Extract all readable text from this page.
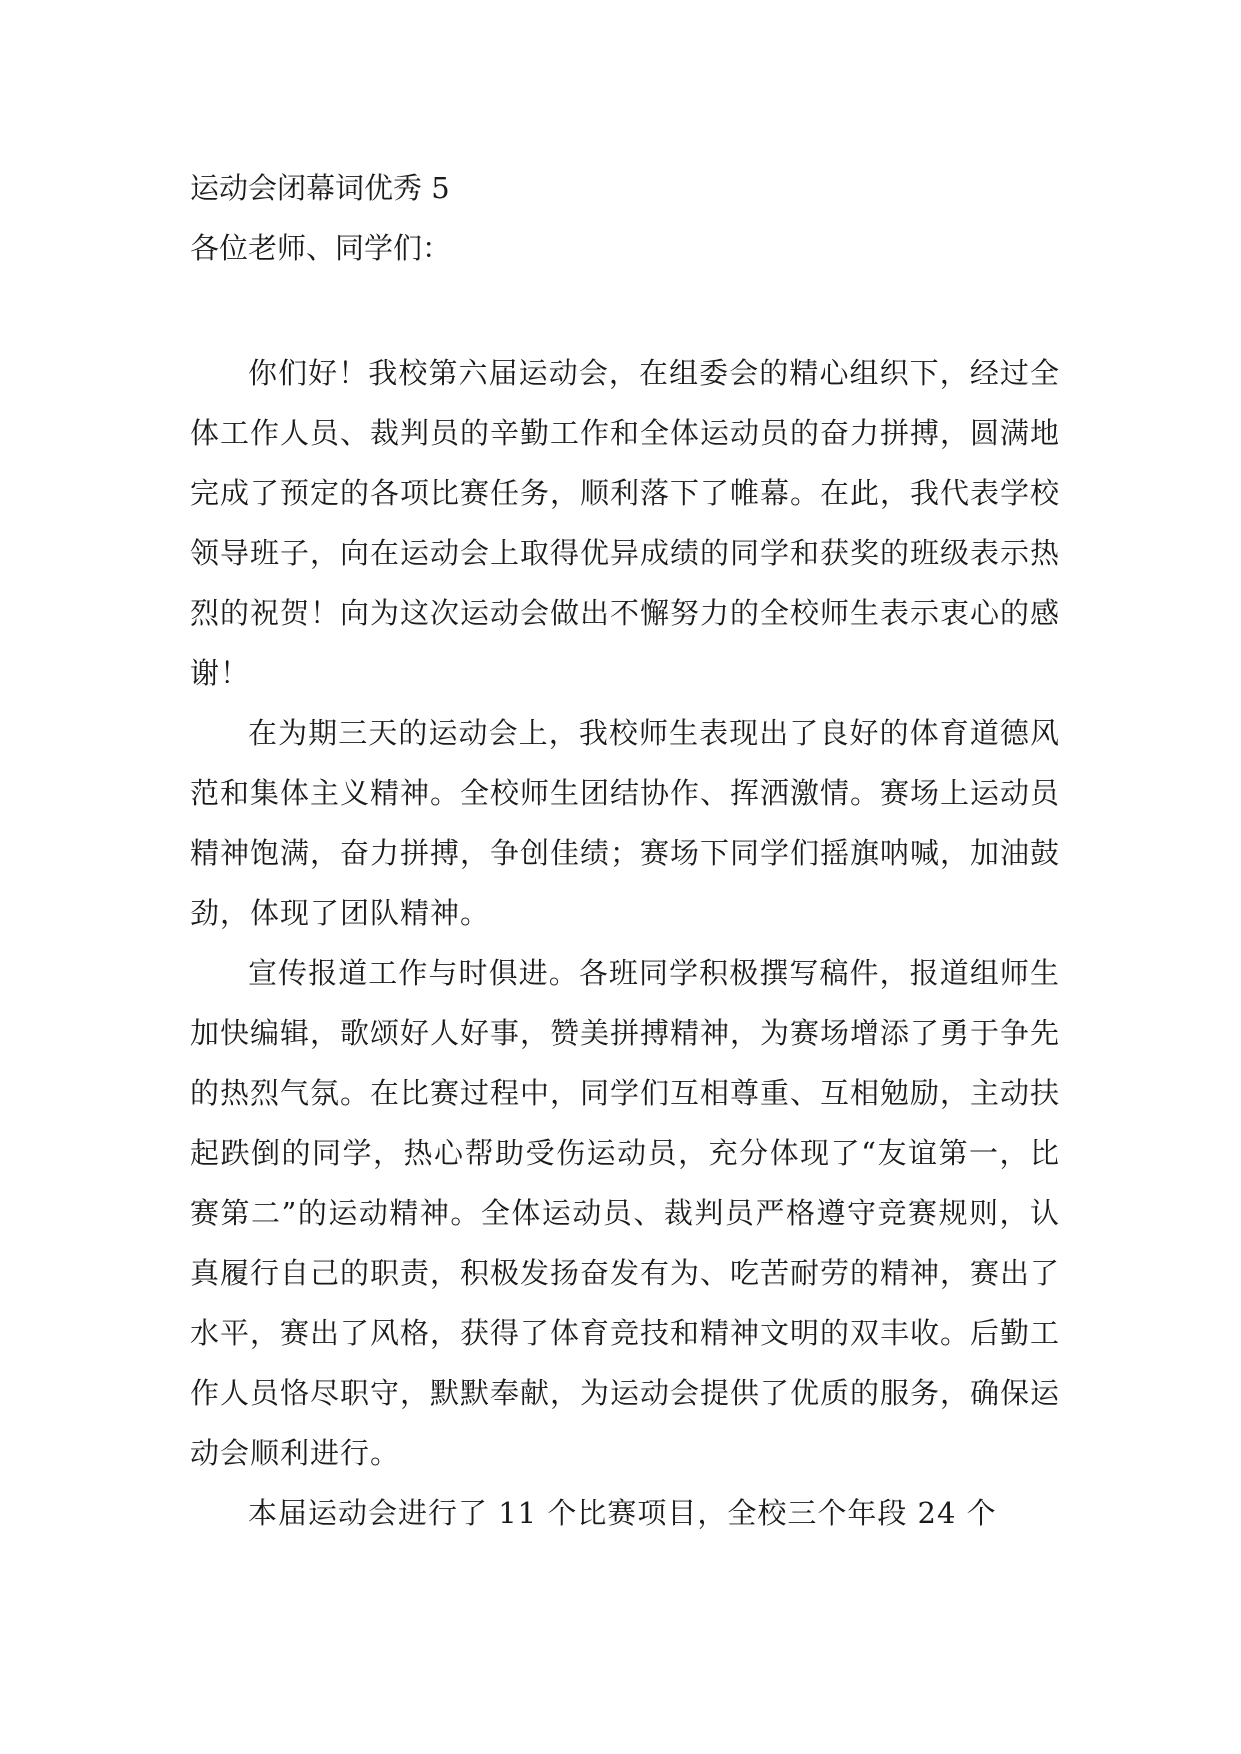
运动会闭幕词优秀 5

各位老师、同学们：

你们好！我校第六届运动会，在组委会的精心组织下，经过全体工作人员、裁判员的辛勤工作和全体运动员的奋力拼搏，圆满地完成了预定的各项比赛任务，顺利落下了帷幕。在此，我代表学校领导班子，向在运动会上取得优异成绩的同学和获奖的班级表示热烈的祝贺！向为这次运动会做出不懈努力的全校师生表示衷心的感谢！

在为期三天的运动会上，我校师生表现出了良好的体育道德风范和集体主义精神。全校师生团结协作、挥洒激情。赛场上运动员精神饱满，奋力拼搏，争创佳绩；赛场下同学们摇旗呐喊，加油鼓劲，体现了团队精神。

宣传报道工作与时俱进。各班同学积极撰写稿件，报道组师生加快编辑，歌颂好人好事，赞美拼搏精神，为赛场增添了勇于争先的热烈气氛。在比赛过程中，同学们互相尊重、互相勉励，主动扶起跌倒的同学，热心帮助受伤运动员，充分体现了“友谊第一，比赛第二”的运动精神。全体运动员、裁判员严格遵守竞赛规则，认真履行自己的职责，积极发扬奋发有为、吃苦耐劳的精神，赛出了水平，赛出了风格，获得了体育竞技和精神文明的双丰收。后勤工作人员恪尽职守，默默奉献，为运动会提供了优质的服务，确保运动会顺利进行。

本届运动会进行了 11 个比赛项目，全校三个年段 24 个
